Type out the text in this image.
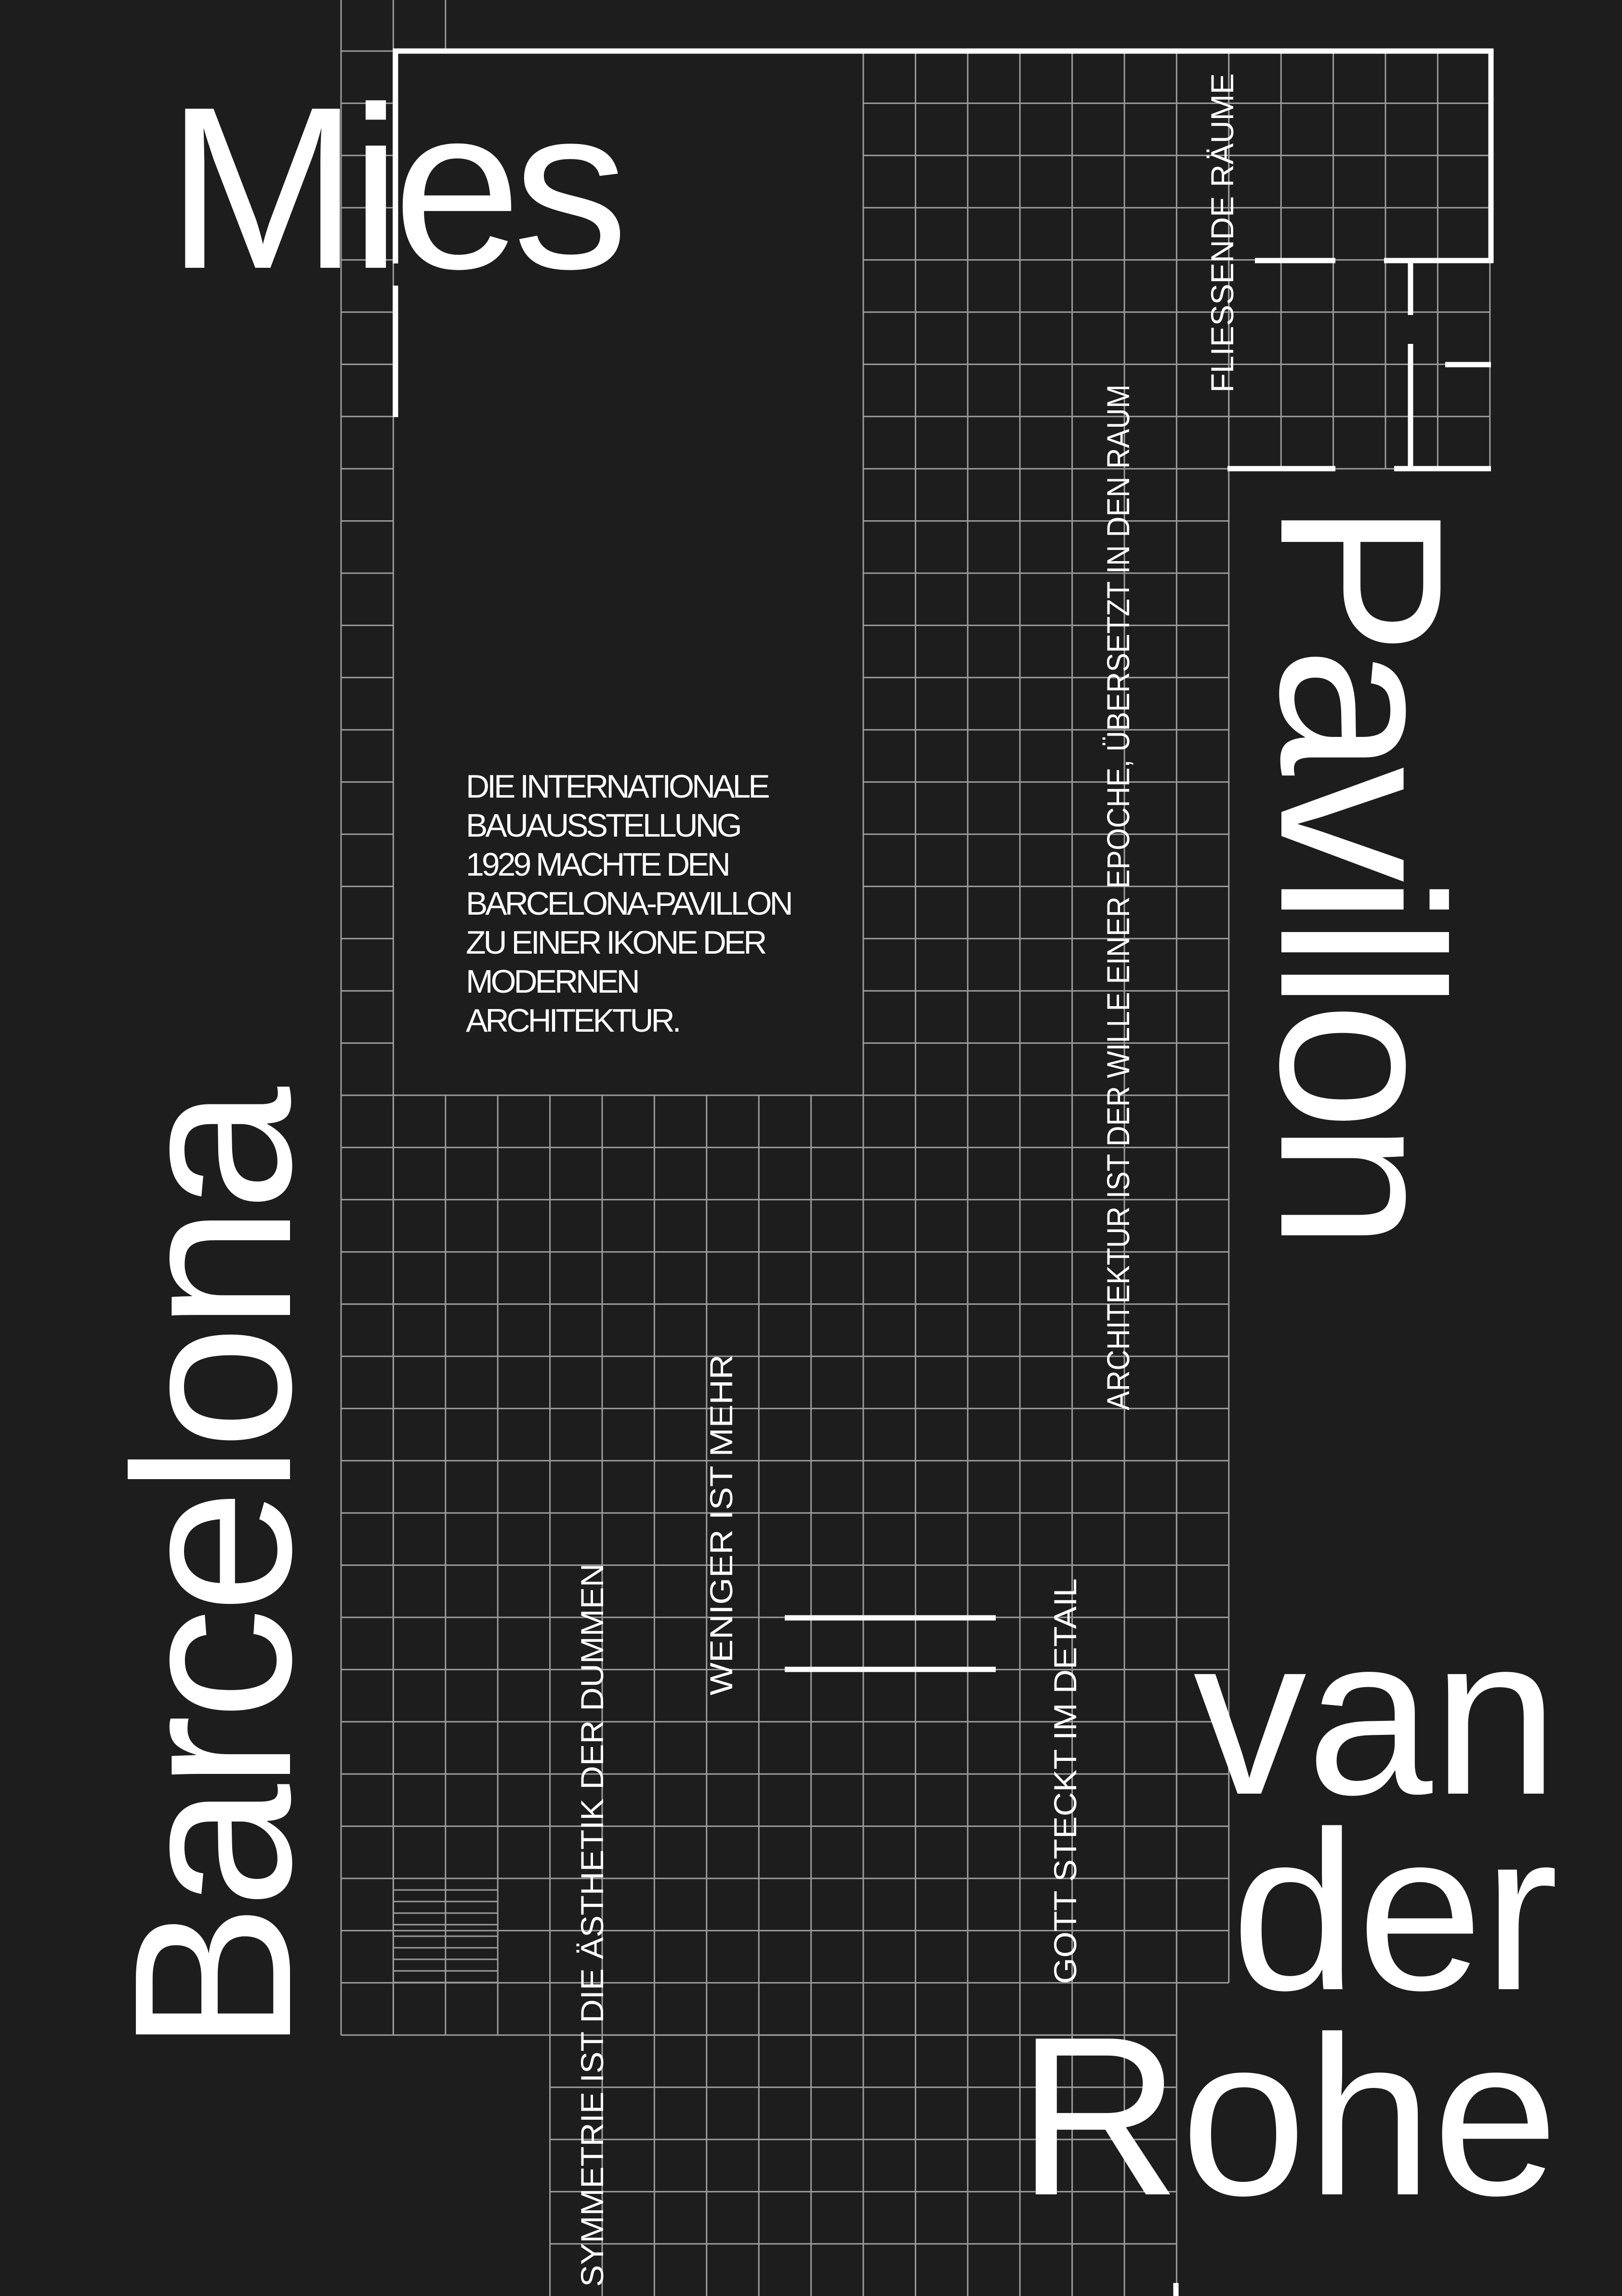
Mies
Barcelona
Pavillon
van
der
Rohe
DIE INTERNATIONALE
BAUAUSSTELLUNG
1929 MACHTE DEN
BARCELONA-PAVILLON
ZU EINER IKONE DER
MODERNEN
ARCHITEKTUR.
FLIESSENDE RÄUME
ARCHITEKTUR IST DER WILLE EINER EPOCHE, ÜBERSETZT IN DEN RAUM
WENIGER IST MEHR
GOTT STECKT IM DETAIL
SYMMETRIE IST DIE ÄSTHETIK DER DUMMEN
